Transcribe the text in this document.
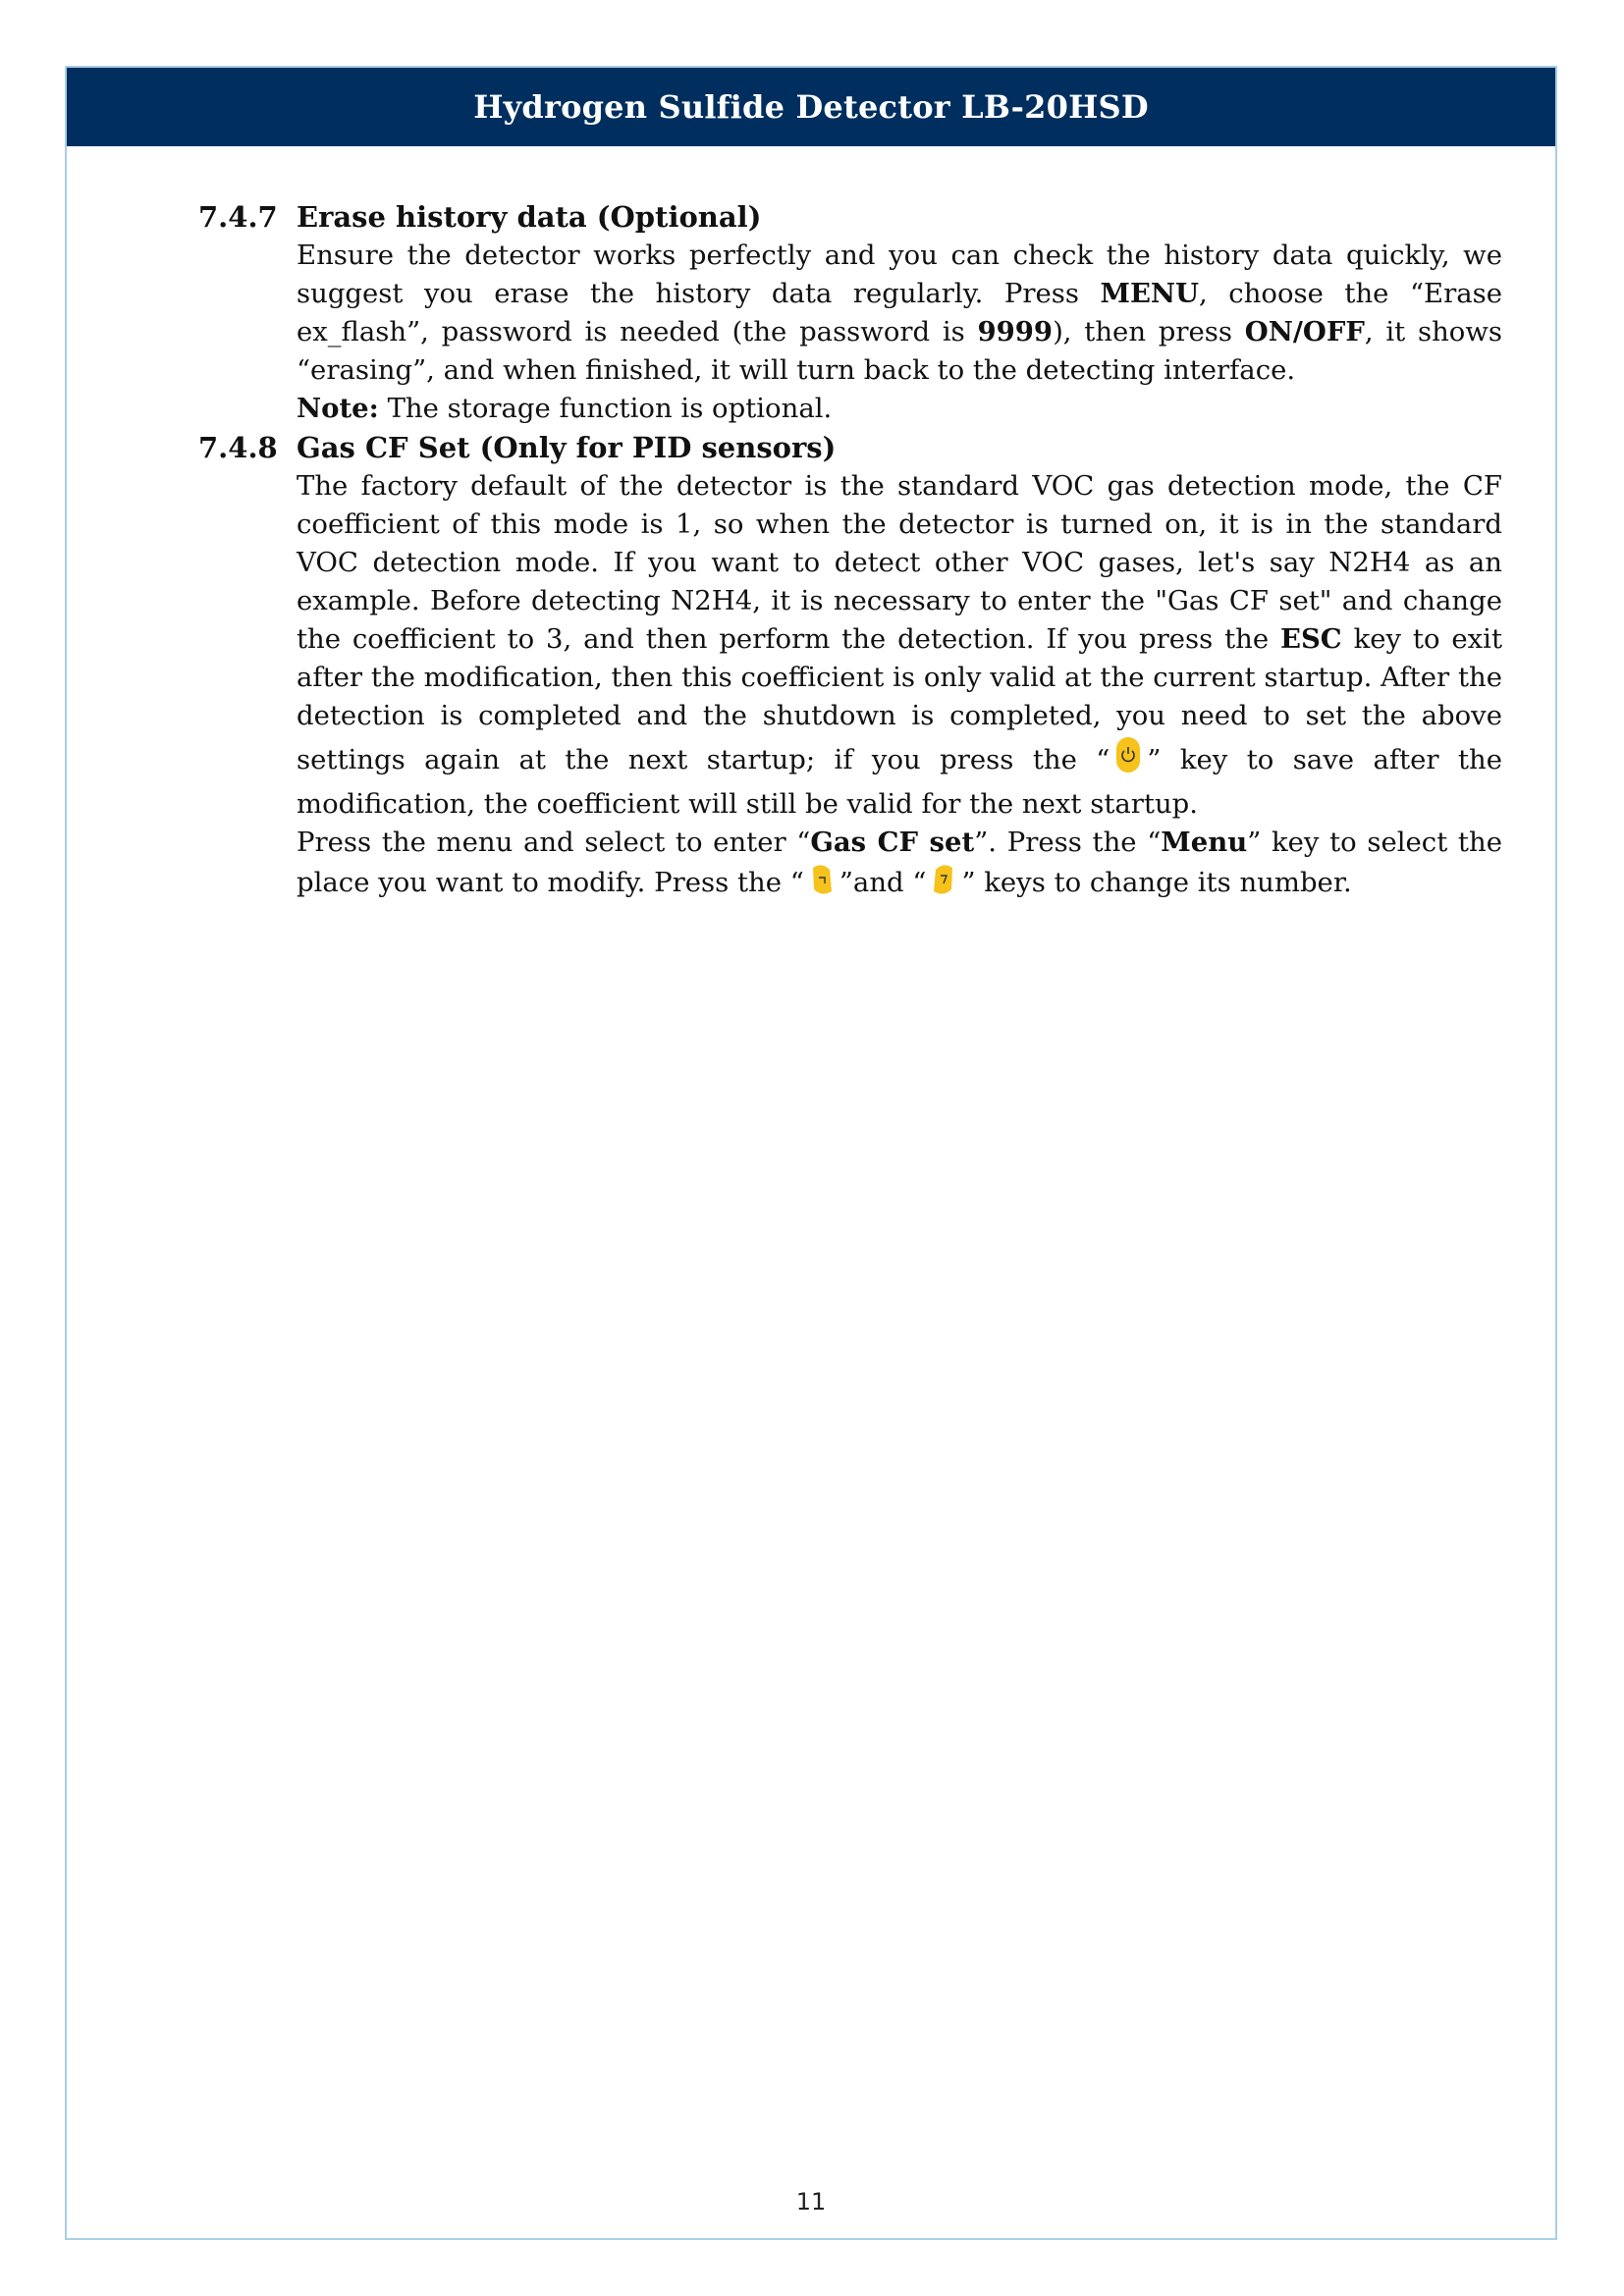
Hydrogen Sulfide Detector LB-20HSD
7.4.7 Erase history data (Optional)

Ensure the detector works perfectly and you can check the history data quickly, we suggest you erase the history data regularly. Press MENU, choose the “Erase ex_flash”, password is needed (the password is 9999), then press ON/OFF, it shows “erasing”, and when finished, it will turn back to the detecting interface.

Note: The storage function is optional.

7.4.8 Gas CF Set (Only for PID sensors)

The factory default of the detector is the standard VOC gas detection mode, the CF coefficient of this mode is 1, so when the detector is turned on, it is in the standard VOC detection mode. If you want to detect other VOC gases, let's say N2H4 as an example. Before detecting N2H4, it is necessary to enter the "Gas CF set" and change the coefficient to 3, and then perform the detection. If you press the ESC key to exit after the modification, then this coefficient is only valid at the current startup. After the detection is completed and the shutdown is completed, you need to set the above settings again at the next startup; if you press the “ ” key to save after the modification, the coefficient will still be valid for the next startup.

Press the menu and select to enter “Gas CF set”. Press the “Menu” key to select the place you want to modify. Press the “ ”and “ ” keys to change its number.

11
